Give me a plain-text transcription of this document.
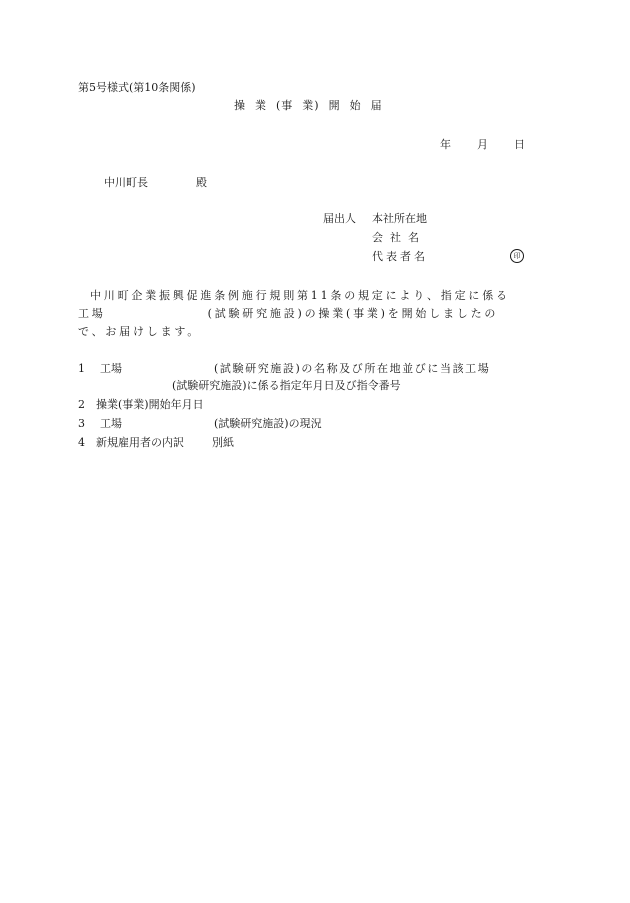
第5号様式(第10条関係)
操 業 (事 業) 開 始 届
年 月 日
中川町長	殿
届出人 本社所在地
会社名
代表者名	印
中川町企業振興促進条例施行規則第11条の規定により、指定に係る
工場	(試験研究施設)の操業(事業)を開始しましたの
で、お届けします。
1 工場	(試験研究施設)の名称及び所在地並びに当該工場
(試験研究施設)に係る指定年月日及び指令番号
2 操業(事業)開始年月日
3 工場	(試験研究施設)の現況
4 新規雇用者の内訳	別紙
